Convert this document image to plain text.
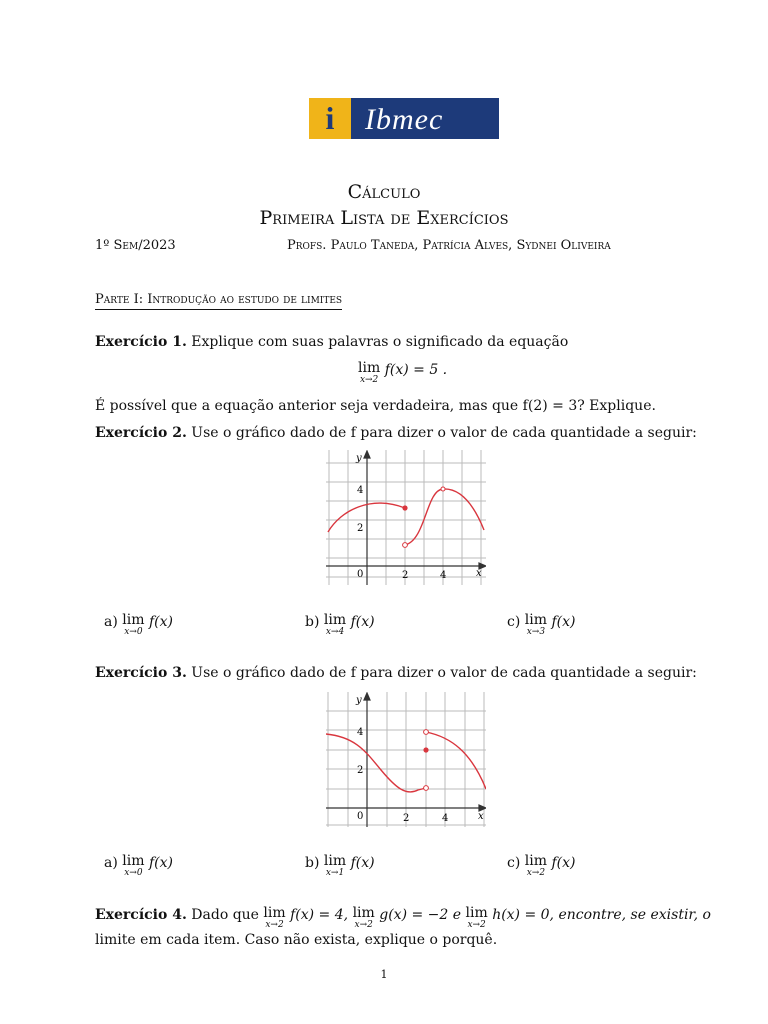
i	Ibmec
Cálculo
Primeira Lista de Exercícios
1º Sem/2023	Profs. Paulo Taneda, Patrícia Alves, Sydnei Oliveira
Parte I: Introdução ao estudo de limites
Exercício 1. Explique com suas palavras o significado da equação
lim
x→2
f(x) = 5 .
É possível que a equação anterior seja verdadeira, mas que f(2) = 3? Explique.
Exercício 2. Use o gráfico dado de f para dizer o valor de cada quantidade a seguir:
y
x
4
2
0	2	4
a) lim
x→0
f(x)	b) lim
x→4
f(x)	c) lim
x→3
f(x)
Exercício 3. Use o gráfico dado de f para dizer o valor de cada quantidade a seguir:
y
x
4
2
0	2	4
a) lim
x→0
f(x)	b) lim
x→1
f(x)	c) lim
x→2
f(x)
Exercício 4. Dado que lim
x→2
f(x) = 4, lim
x→2
g(x) = −2 e lim
x→2
h(x) = 0, encontre, se existir, o
limite em cada item. Caso não exista, explique o porquê.
1
